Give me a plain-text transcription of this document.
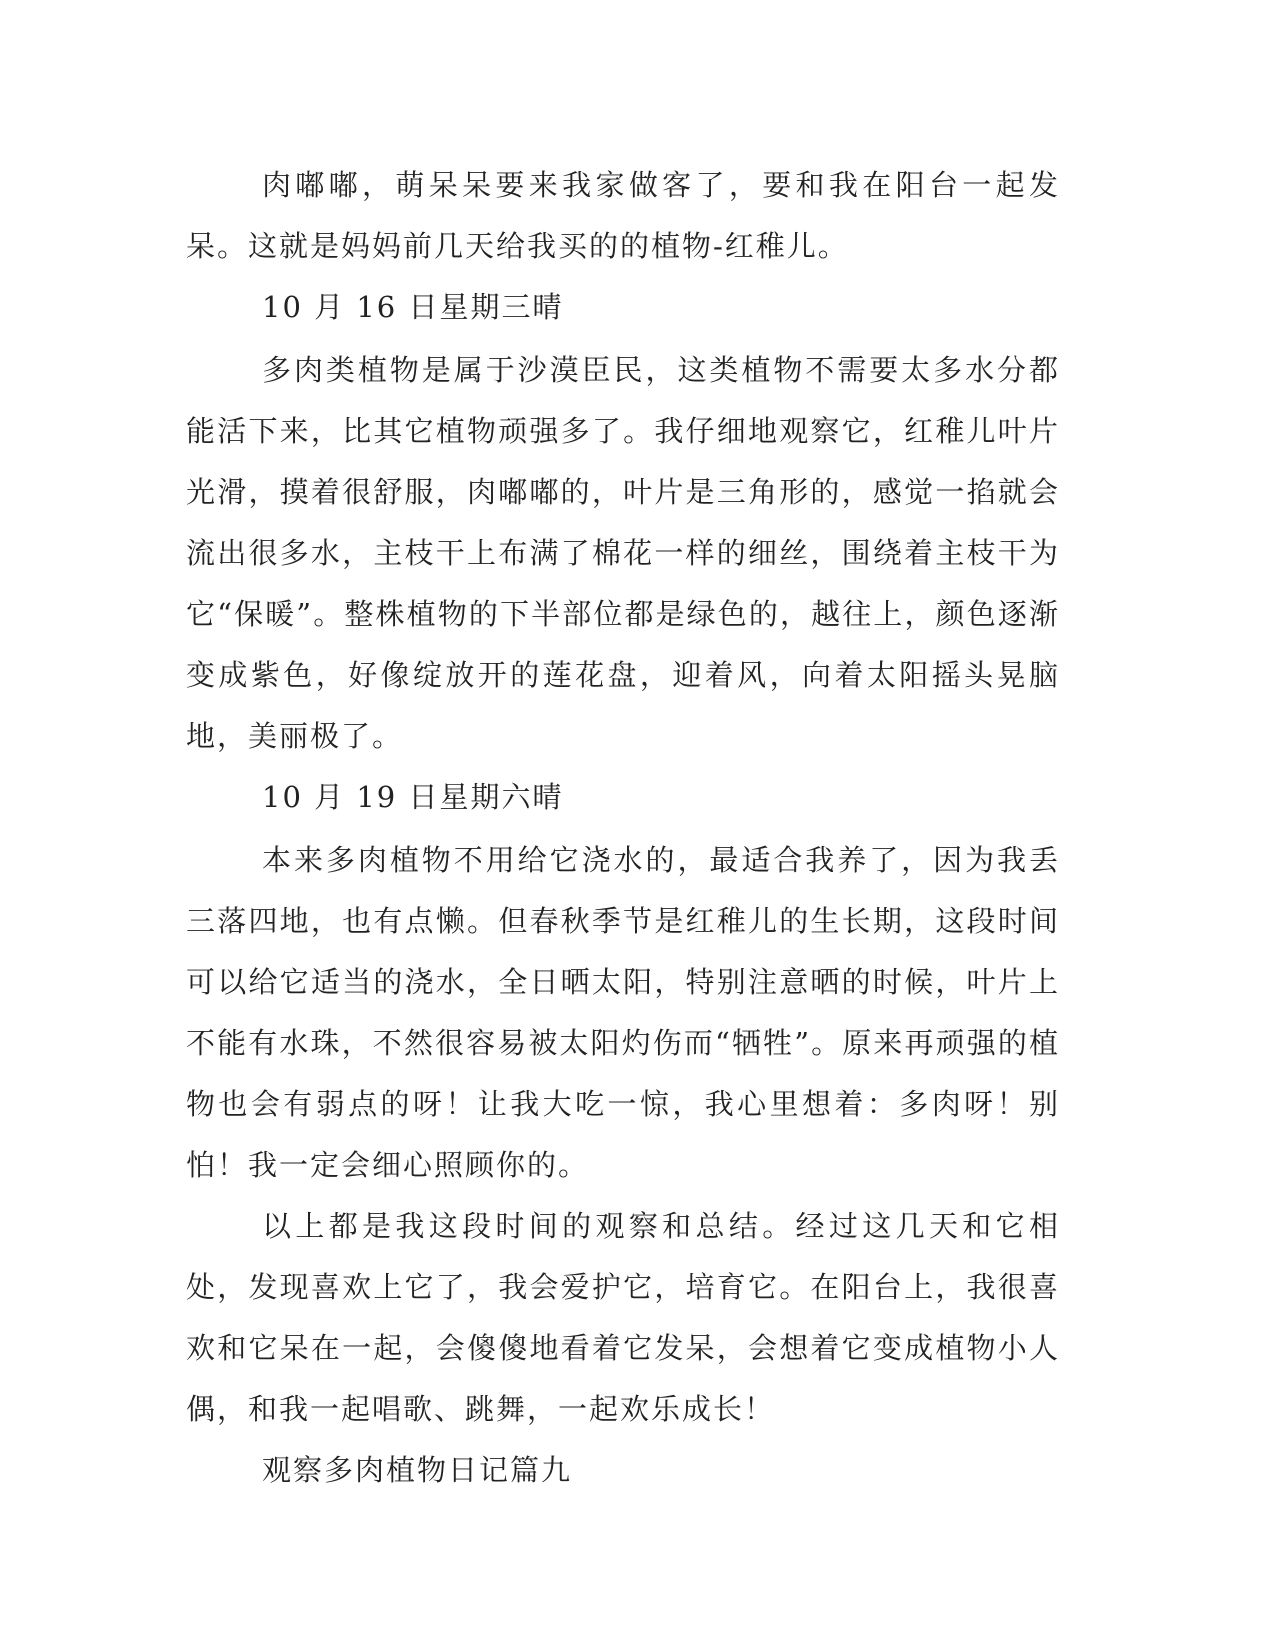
肉嘟嘟，萌呆呆要来我家做客了，要和我在阳台一起发呆。这就是妈妈前几天给我买的的植物-红稚儿。

10 月 16 日星期三晴

多肉类植物是属于沙漠臣民，这类植物不需要太多水分都能活下来，比其它植物顽强多了。我仔细地观察它，红稚儿叶片光滑，摸着很舒服，肉嘟嘟的，叶片是三角形的，感觉一掐就会流出很多水，主枝干上布满了棉花一样的细丝，围绕着主枝干为它“保暖”。整株植物的下半部位都是绿色的，越往上，颜色逐渐变成紫色，好像绽放开的莲花盘，迎着风，向着太阳摇头晃脑地，美丽极了。

10 月 19 日星期六晴

本来多肉植物不用给它浇水的，最适合我养了，因为我丢三落四地，也有点懒。但春秋季节是红稚儿的生长期，这段时间可以给它适当的浇水，全日晒太阳，特别注意晒的时候，叶片上不能有水珠，不然很容易被太阳灼伤而“牺牲”。原来再顽强的植物也会有弱点的呀！让我大吃一惊，我心里想着：多肉呀！别怕！我一定会细心照顾你的。

以上都是我这段时间的观察和总结。经过这几天和它相处，发现喜欢上它了，我会爱护它，培育它。在阳台上，我很喜欢和它呆在一起，会傻傻地看着它发呆，会想着它变成植物小人偶，和我一起唱歌、跳舞，一起欢乐成长！

观察多肉植物日记篇九
